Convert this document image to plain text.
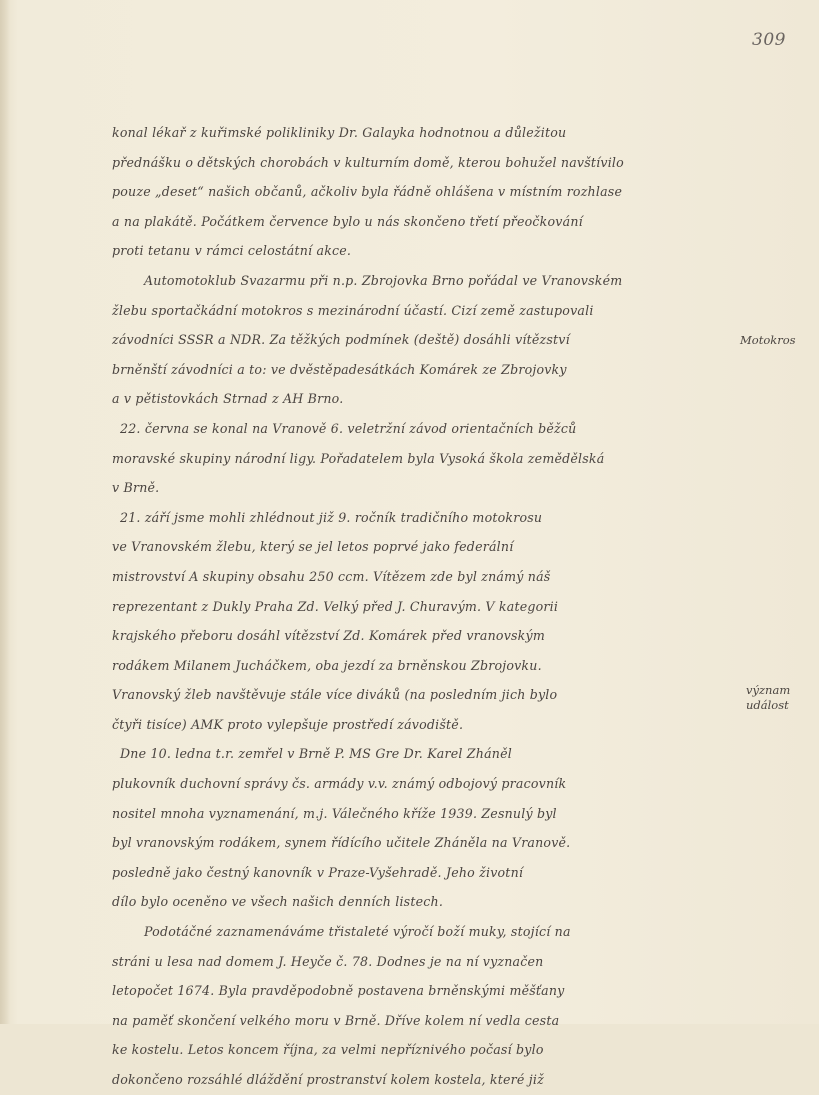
309

konal lékař z kuřimské polikliniky Dr. Galayka hodnotnou a důležitou
přednášku o dětských chorobách v kulturním domě, kterou bohužel navštívilo
pouze „deset“ našich občanů, ačkoliv byla řádně ohlášena v místním rozhlase
a na plakátě. Počátkem července bylo u nás skončeno třetí přeočkování
proti tetanu v rámci celostátní akce.

Automotoklub Svazarmu při n.p. Zbrojovka Brno pořádal ve Vranovském
žlebu sportačkádní motokros s mezinárodní účastí. Cizí země zastupovali
závodníci SSSR a NDR. Za těžkých podmínek (deště) dosáhli vítězství
brněnští závodníci a to: ve dvěstěpadesátkách Komárek ze Zbrojovky
a v pětistovkách Strnad z AH Brno.

22. června se konal na Vranově 6. veletržní závod orientačních běžců
moravské skupiny národní ligy. Pořadatelem byla Vysoká škola zemědělská
v Brně.

21. září jsme mohli zhlédnout již 9. ročník tradičního motokrosu
ve Vranovském žlebu, který se jel letos poprvé jako federální
mistrovství A skupiny obsahu 250 ccm. Vítězem zde byl známý náš
reprezentant z Dukly Praha Zd. Velký před J. Churavým. V kategorii
krajského přeboru dosáhl vítězství Zd. Komárek před vranovským
rodákem Milanem Jucháčkem, oba jezdí za brněnskou Zbrojovku.
Vranovský žleb navštěvuje stále více diváků (na posledním jich bylo
čtyři tisíce) AMK proto vylepšuje prostředí závodiště.

Dne 10. ledna t.r. zemřel v Brně P. MS Gre Dr. Karel Zháněl
plukovník duchovní správy čs. armády v.v. známý odbojový pracovník
nositel mnoha vyznamenání, m.j. Válečného kříže 1939. Zesnulý byl
byl vranovským rodákem, synem řídícího učitele Zháněla na Vranově.
posledně jako čestný kanovník v Praze-Vyšehradě. Jeho životní
dílo bylo oceněno ve všech našich denních listech.

Podotáčné zaznamenáváme třistaleté výročí boží muky, stojící na
stráni u lesa nad domem J. Heyče č. 78. Dodnes je na ní vyznačen
letopočet 1674. Byla pravděpodobně postavena brněnskými měšťany
na paměť skončení velkého moru v Brně. Dříve kolem ní vedla cesta
ke kostelu. Letos koncem října, za velmi nepříznivého počasí bylo
dokončeno rozsáhlé dláždění prostranství kolem kostela, které již

Motokros
význam
událost
